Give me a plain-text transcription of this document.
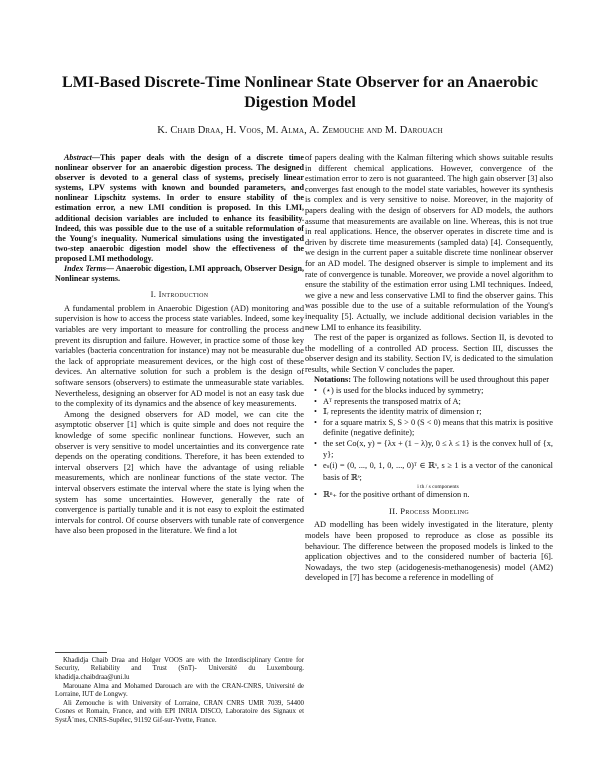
LMI-Based Discrete-Time Nonlinear State Observer for an Anaerobic
Digestion Model
K. Chaib Draa, H. Voos, M. Alma, A. Zemouche and M. Darouach

Abstract—This paper deals with the design of a discrete time nonlinear observer for an anaerobic digestion process. The designed observer is devoted to a general class of systems, precisely linear systems, LPV systems with known and bounded parameters, and nonlinear Lipschitz systems. In order to ensure stability of the estimation error, a new LMI condition is proposed. In this LMI, additional decision variables are included to enhance its feasibility. Indeed, this was possible due to the use of a suitable reformulation of the Young's inequality. Numerical simulations using the investigated two-step anaerobic digestion model show the effectiveness of the proposed LMI methodology.

Index Terms— Anaerobic digestion, LMI approach, Observer Design, Nonlinear systems.

I. Introduction

A fundamental problem in Anaerobic Digestion (AD) monitoring and supervision is how to access the process state variables. Indeed, some key variables are very important to measure for controlling the process and prevent its disruption and failure. However, in practice some of those key variables (bacteria concentration for instance) may not be measurable due the lack of appropriate measurement devices, or the high cost of these devices. An alternative solution for such a problem is the design of software sensors (observers) to estimate the unmeasurable state variables. Nevertheless, designing an observer for AD model is not an easy task due to the complexity of its dynamics and the absence of key measurements.

Among the designed observers for AD model, we can cite the asymptotic observer [1] which is quite simple and does not require the knowledge of some specific nonlinear functions. However, such an observer is very sensitive to model uncertainties and its convergence rate depends on the operating conditions. Therefore, it has been extended to interval observers [2] which have the advantage of using reliable measurements, which are nonlinear functions of the state vector. The interval observers estimate the interval where the state is lying when the system has some uncertainties. However, generally the rate of convergence is partially tunable and it is not easy to exploit the estimated intervals for control. Of course observers with tunable rate of convergence have also been proposed in the literature. We find a lot

Khadidja Chaib Draa and Holger VOOS are with the Interdisciplinary Centre for Security, Reliability and Trust (SnT)- Université du Luxembourg. khadidja.chaibdraa@uni.lu

Marouane Alma and Mohamed Darouach are with the CRAN-CNRS, Université de Lorraine, IUT de Longwy.

Ali Zemouche is with University of Lorraine, CRAN CNRS UMR 7039, 54400 Cosnes et Romain, France, and with EPI INRIA DISCO, Laboratoire des Signaux et SystÃ¨mes, CNRS-Supélec, 91192 Gif-sur-Yvette, France.

of papers dealing with the Kalman filtering which shows suitable results in different chemical applications. However, convergence of the estimation error to zero is not guaranteed. The high gain observer [3] also converges fast enough to the model state variables, however its synthesis is complex and is very sensitive to noise. Moreover, in the majority of papers dealing with the design of observers for AD models, the authors assume that measurements are available on line. Whereas, this is not true in real applications. Hence, the observer operates in discrete time and is driven by discrete time measurements (sampled data) [4]. Consequently, we design in the current paper a suitable discrete time nonlinear observer for an AD model. The designed observer is simple to implement and its rate of convergence is tunable. Moreover, we provide a novel algorithm to ensure the stability of the estimation error using LMI techniques. Indeed, we give a new and less conservative LMI to find the observer gains. This was possible due to the use of a suitable reformulation of the Young's inequality [5]. Actually, we include additional decision variables in the new LMI to enhance its feasibility.

The rest of the paper is organized as follows. Section II, is devoted to the modelling of a controlled AD process. Section III, discusses the observer design and its stability. Section IV, is dedicated to the simulation results, while Section V concludes the paper.

Notations: The following notations will be used throughout this paper

• (⋆) is used for the blocks induced by symmetry;
• Aᵀ represents the transposed matrix of A;
• 𝕀ᵣ represents the identity matrix of dimension r;
• for a square matrix S, S > 0 (S < 0) means that this matrix is positive definite (negative definite);
• the set Co(x, y) = {λx + (1 − λ)y, 0 ≤ λ ≤ 1} is the convex hull of {x, y};
• eₛ(i) = (0, ..., 0, 1, 0, ..., 0)ᵀ ∈ ℝˢ, s ≥ 1 is a vector of the canonical basis of ℝˢ;
i th / s components
• ℝⁿ₊ for the positive orthant of dimension n.
II. Process Modeling

AD modelling has been widely investigated in the literature, plenty models have been proposed to reproduce as close as possible its behaviour. The difference between the proposed models is linked to the application objectives and to the considered number of bacteria [6]. Nowadays, the two step (acidogenesis-methanogenesis) model (AM2) developed in [7] has become a reference in modelling of
